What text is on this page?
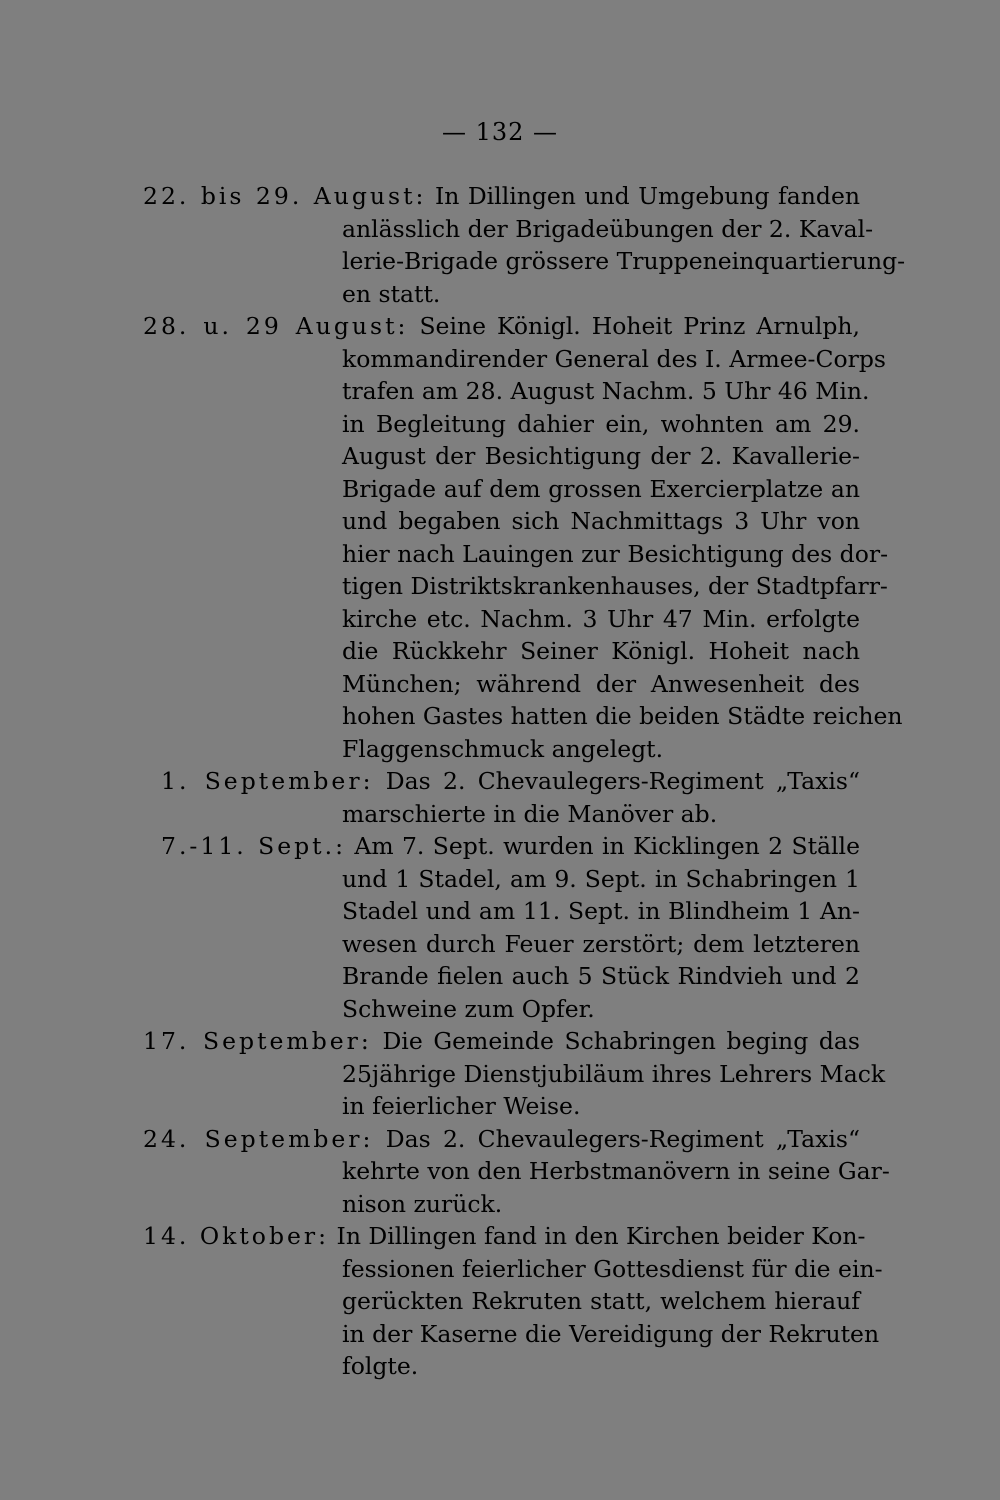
— 132 —
22. bis 29. August: In Dillingen und Umgebung fanden
anlässlich der Brigadeübungen der 2. Kaval-
lerie-Brigade grössere Truppeneinquartierung-
en statt.
28. u. 29 August: Seine Königl. Hoheit Prinz Arnulph,
kommandirender General des I. Armee-Corps
trafen am 28. August Nachm. 5 Uhr 46 Min.
in Begleitung dahier ein, wohnten am 29.
August der Besichtigung der 2. Kavallerie-
Brigade auf dem grossen Exercierplatze an
und begaben sich Nachmittags 3 Uhr von
hier nach Lauingen zur Besichtigung des dor-
tigen Distriktskrankenhauses, der Stadtpfarr-
kirche etc. Nachm. 3 Uhr 47 Min. erfolgte
die Rückkehr Seiner Königl. Hoheit nach
München; während der Anwesenheit des
hohen Gastes hatten die beiden Städte reichen
Flaggenschmuck angelegt.
1. September: Das 2. Chevaulegers-Regiment „Taxis“
marschierte in die Manöver ab.
7.-11. Sept.: Am 7. Sept. wurden in Kicklingen 2 Ställe
und 1 Stadel, am 9. Sept. in Schabringen 1
Stadel und am 11. Sept. in Blindheim 1 An-
wesen durch Feuer zerstört; dem letzteren
Brande fielen auch 5 Stück Rindvieh und 2
Schweine zum Opfer.
17. September: Die Gemeinde Schabringen beging das
25jährige Dienstjubiläum ihres Lehrers Mack
in feierlicher Weise.
24. September: Das 2. Chevaulegers-Regiment „Taxis“
kehrte von den Herbstmanövern in seine Gar-
nison zurück.
14. Oktober: In Dillingen fand in den Kirchen beider Kon-
fessionen feierlicher Gottesdienst für die ein-
gerückten Rekruten statt, welchem hierauf
in der Kaserne die Vereidigung der Rekruten
folgte.
